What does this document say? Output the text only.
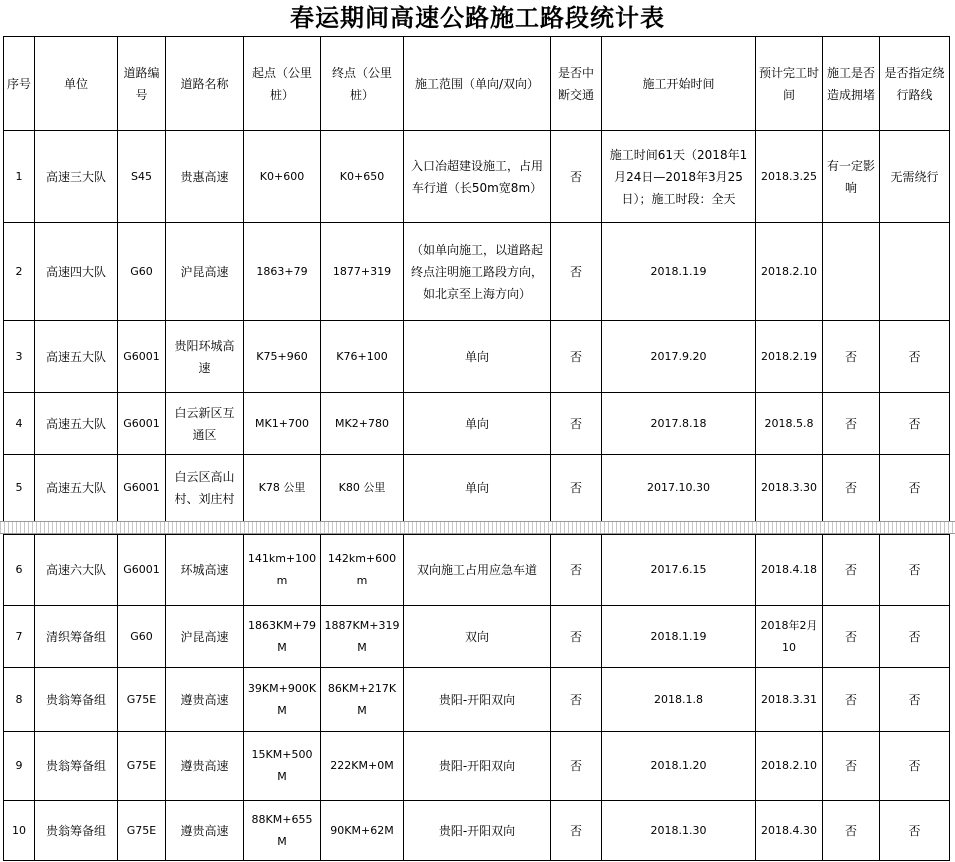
春运期间高速公路施工路段统计表
序号	单位	道路编号	道路名称	起点（公里桩）	终点（公里桩）	施工范围（单向/双向）	是否中断交通	施工开始时间	预计完工时间	施工是否造成拥堵	是否指定绕行路线
1	高速三大队	S45	贵惠高速	K0+600	K0+650	入口冶超建设施工，占用车行道（长50m宽8m）	否	施工时间61天（2018年1月24日—2018年3月25日）；施工时段：全天	2018.3.25	有一定影响	无需绕行
2	高速四大队	G60	沪昆高速	1863+79	1877+319	（如单向施工，以道路起终点注明施工路段方向，如北京至上海方向）	否	2018.1.19	2018.2.10		
3	高速五大队	G6001	贵阳环城高速	K75+960	K76+100	单向	否	2017.9.20	2018.2.19	否	否
4	高速五大队	G6001	白云新区互通区	MK1+700	MK2+780	单向	否	2017.8.18	2018.5.8	否	否
5	高速五大队	G6001	白云区高山村、刘庄村	K78 公里	K80 公里	单向	否	2017.10.30	2018.3.30	否	否
6	高速六大队	G6001	环城高速	141km+100m	142km+600m	双向施工占用应急车道	否	2017.6.15	2018.4.18	否	否
7	清织筹备组	G60	沪昆高速	1863KM+79M	1887KM+319M	双向	否	2018.1.19	2018年2月10	否	否
8	贵翁筹备组	G75E	遵贵高速	39KM+900KM	86KM+217KM	贵阳-开阳双向	否	2018.1.8	2018.3.31	否	否
9	贵翁筹备组	G75E	遵贵高速	15KM+500M	222KM+0M	贵阳-开阳双向	否	2018.1.20	2018.2.10	否	否
10	贵翁筹备组	G75E	遵贵高速	88KM+655M	90KM+62M	贵阳-开阳双向	否	2018.1.30	2018.4.30	否	否
